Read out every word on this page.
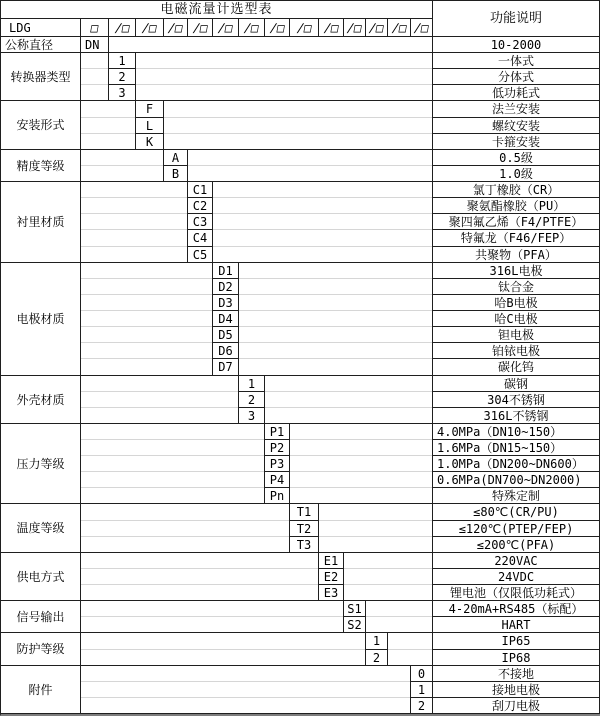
电磁流量计选型表
功能说明
LDG	□ /□ /□ /□ /□ /□ /□ /□ /□ /□ /□ /□ /□ /□
公称直径	DN	10-2000
转换器类型
1	一体式
2	分体式
3	低功耗式
安装形式
F	法兰安装
L	螺纹安装
K	卡箍安装
精度等级
A	0.5级
B	1.0级
衬里材质
C1	氯丁橡胶（CR）
C2	聚氨酯橡胶（PU）
C3	聚四氟乙烯（F4/PTFE）
C4	特氟龙（F46/FEP）
C5	共聚物（PFA）
电极材质
D1	316L电极
D2	钛合金
D3	哈B电极
D4	哈C电极
D5	钽电极
D6	铂铱电极
D7	碳化钨
外壳材质
1	碳钢
2	304不锈钢
3	316L不锈钢
压力等级
P1	4.0MPa（DN10~150）
P2	1.6MPa（DN15~150）
P3	1.0MPa（DN200~DN600）
P4	0.6MPa(DN700~DN2000)
Pn	特殊定制
温度等级
T1	≤80℃(CR/PU)
T2	≤120℃(PTEP/FEP)
T3	≤200℃(PFA)
供电方式
E1	220VAC
E2	24VDC
E3	锂电池（仅限低功耗式）
信号输出
S1	4-20mA+RS485（标配）
S2	HART
防护等级
1	IP65
2	IP68
附件
0	不接地
1	接地电极
2	刮刀电极
